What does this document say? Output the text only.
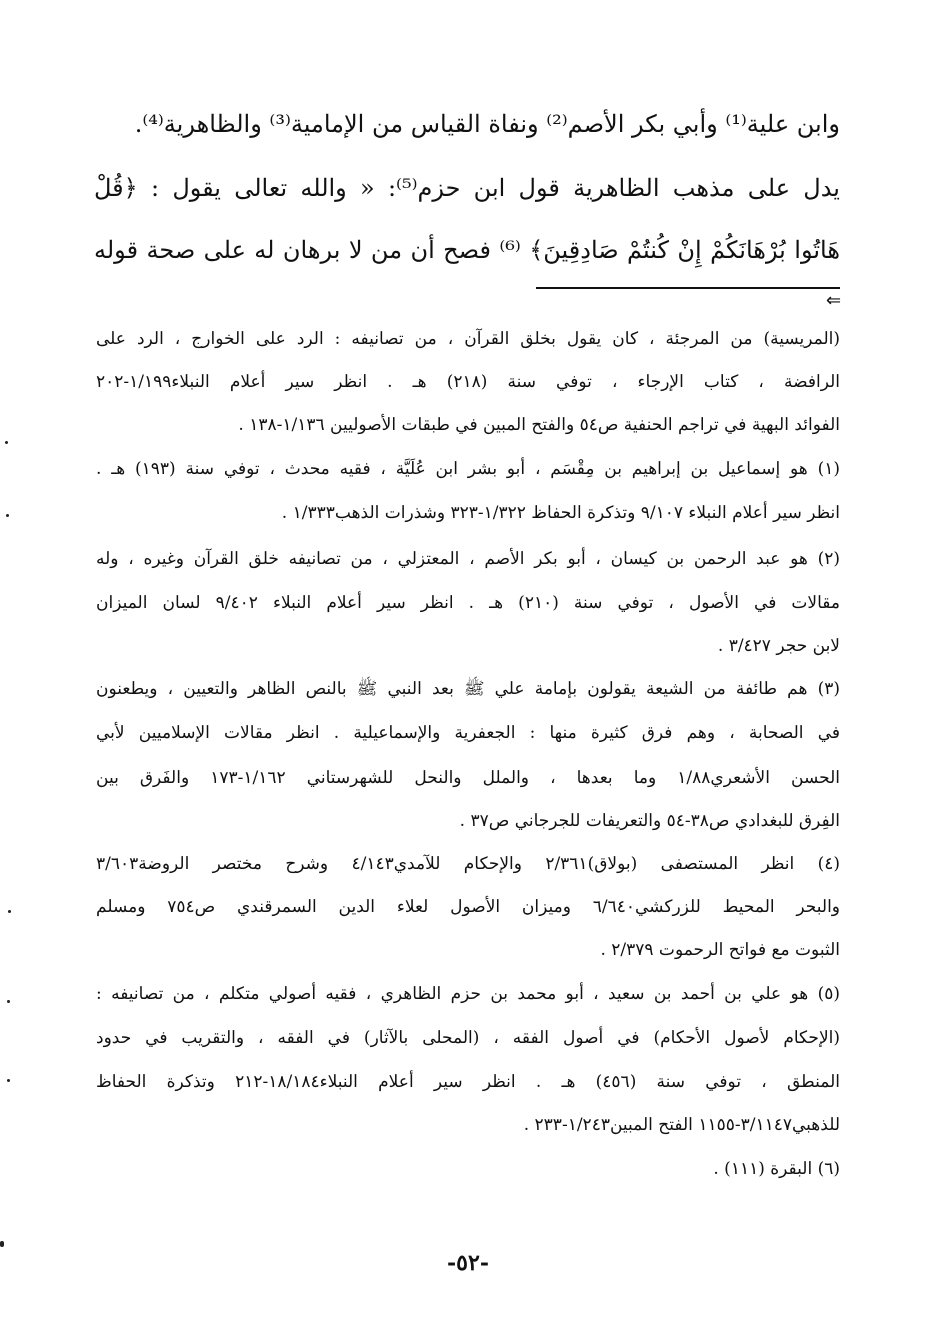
وابن علية⁽¹⁾ وأبي بكر الأصم⁽²⁾ ونفاة القياس من الإمامية⁽³⁾ والظاهرية⁽⁴⁾.
يدل على مذهب الظاهرية قول ابن حزم⁽⁵⁾: « والله تعالى يقول : ﴿قُلْ
هَاتُوا بُرْهَانَكُمْ إِنْ كُنتُمْ صَادِقِينَ﴾ ⁽⁶⁾ فصح أن من لا برهان له على صحة قوله
⇐
(المريسية) من المرجئة ، كان يقول بخلق القرآن ، من تصانيفه : الرد على الخوارج ، الرد على
الرافضة ، كتاب الإرجاء ، توفي سنة (٢١٨) هـ . انظر سير أعلام النبلاء١/١٩٩-٢٠٢
الفوائد البهية في تراجم الحنفية ص٥٤ والفتح المبين في طبقات الأصوليين ١/١٣٦-١٣٨ .
(١) هو إسماعيل بن إبراهيم بن مِقْسَم ، أبو بشر ابن عُلَيَّة ، فقيه محدث ، توفي سنة (١٩٣) هـ .
انظر سير أعلام النبلاء ٩/١٠٧ وتذكرة الحفاظ ١/٣٢٢-٣٢٣ وشذرات الذهب١/٣٣٣ .
(٢) هو عبد الرحمن بن كيسان ، أبو بكر الأصم ، المعتزلي ، من تصانيفه خلق القرآن وغيره ، وله
مقالات في الأصول ، توفي سنة (٢١٠) هـ . انظر سير أعلام النبلاء ٩/٤٠٢ لسان الميزان
لابن حجر ٣/٤٢٧ .
(٣) هم طائفة من الشيعة يقولون بإمامة علي ﷺ بعد النبي ﷺ بالنص الظاهر والتعيين ، ويطعنون
في الصحابة ، وهم فرق كثيرة منها : الجعفرية والإسماعيلية . انظر مقالات الإسلاميين لأبي
الحسن الأشعري١/٨٨ وما بعدها ، والملل والنحل للشهرستاني ١/١٦٢-١٧٣ والفَرق بين
الفِرق للبغدادي ص٣٨-٥٤ والتعريفات للجرجاني ص٣٧ .
(٤) انظر المستصفى (بولاق)٢/٣٦١ والإحكام للآمدي٤/١٤٣ وشرح مختصر الروضة٣/٦٠٣
والبحر المحيط للزركشي٦/٦٤٠ وميزان الأصول لعلاء الدين السمرقندي ص٧٥٤ ومسلم
الثبوت مع فواتح الرحموت ٢/٣٧٩ .
(٥) هو علي بن أحمد بن سعيد ، أبو محمد بن حزم الظاهري ، فقيه أصولي متكلم ، من تصانيفه :
(الإحكام لأصول الأحكام) في أصول الفقه ، (المحلى بالآثار) في الفقه ، والتقريب في حدود
المنطق ، توفي سنة (٤٥٦) هـ . انظر سير أعلام النبلاء١٨/١٨٤-٢١٢ وتذكرة الحفاظ
للذهبي٣/١١٤٧-١١٥٥ الفتح المبين١/٢٤٣-٢٣٣ .
(٦) البقرة (١١١) .
-٥٢-
